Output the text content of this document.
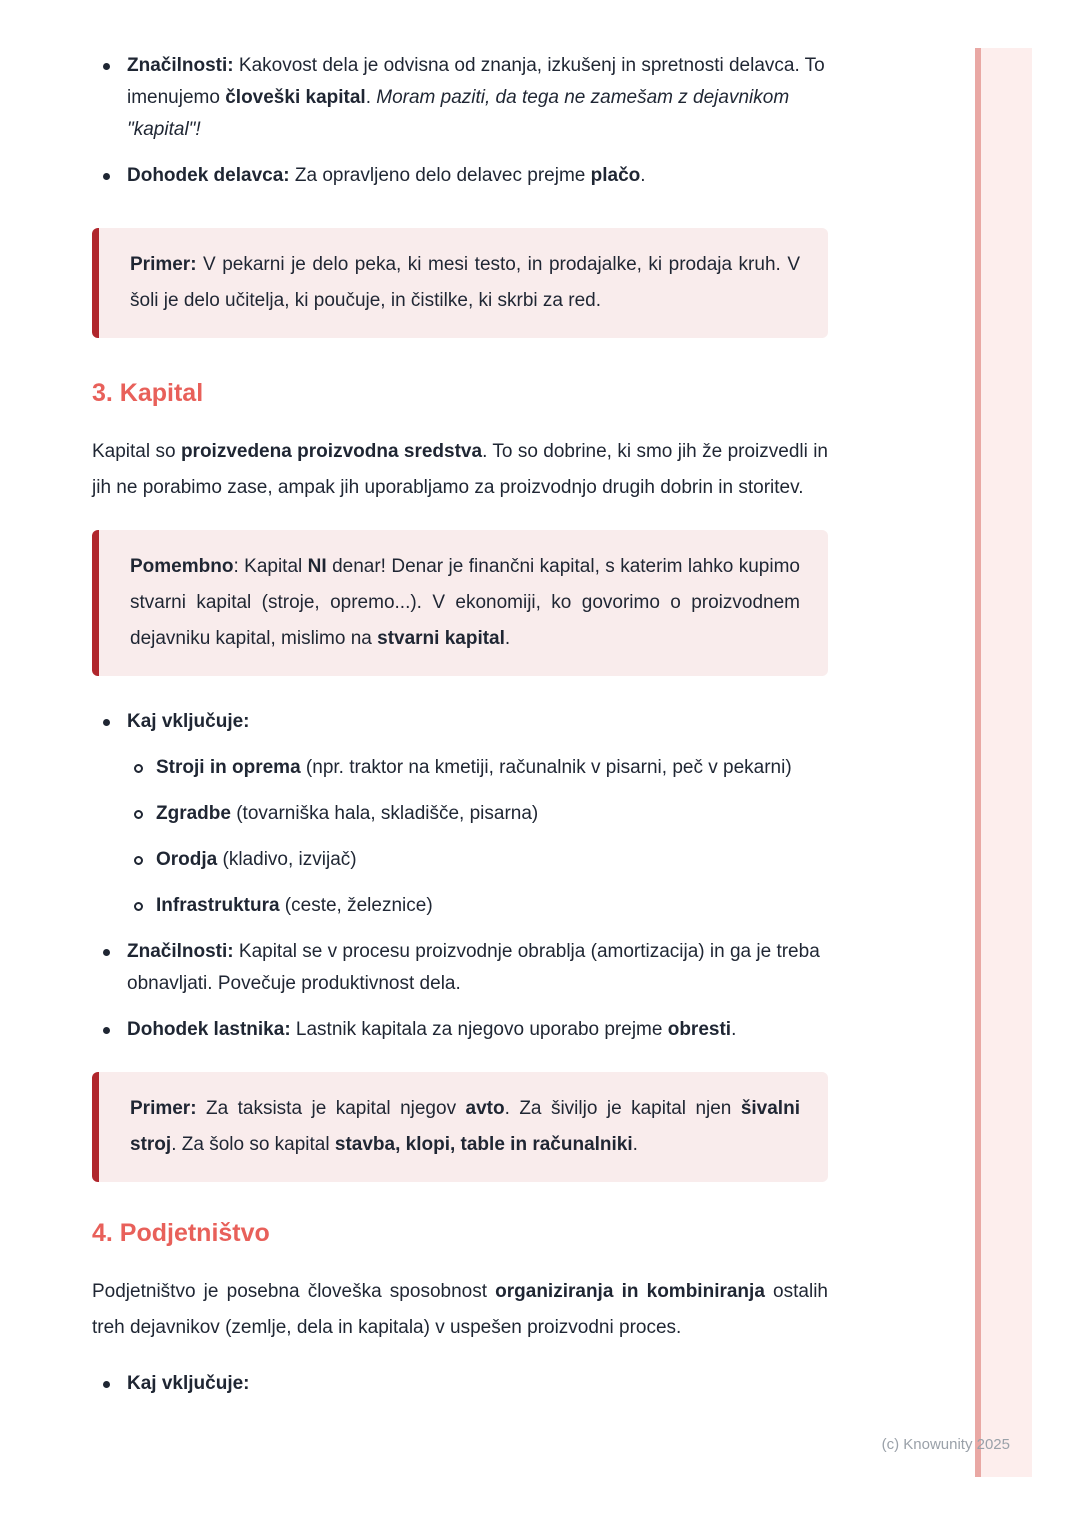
Značilnosti: Kakovost dela je odvisna od znanja, izkušenj in spretnosti delavca. To imenujemo človeški kapital. Moram paziti, da tega ne zamešam z dejavnikom "kapital"!
Dohodek delavca: Za opravljeno delo delavec prejme plačo.

Primer: V pekarni je delo peka, ki mesi testo, in prodajalke, ki prodaja kruh. V šoli je delo učitelja, ki poučuje, in čistilke, ki skrbi za red.

3. Kapital

Kapital so proizvedena proizvodna sredstva. To so dobrine, ki smo jih že proizvedli in jih ne porabimo zase, ampak jih uporabljamo za proizvodnjo drugih dobrin in storitev.

Pomembno: Kapital NI denar! Denar je finančni kapital, s katerim lahko kupimo stvarni kapital (stroje, opremo...). V ekonomiji, ko govorimo o proizvodnem dejavniku kapital, mislimo na stvarni kapital.

Kaj vključuje:
Stroji in oprema (npr. traktor na kmetiji, računalnik v pisarni, peč v pekarni)
Zgradbe (tovarniška hala, skladišče, pisarna)
Orodja (kladivo, izvijač)
Infrastruktura (ceste, železnice)
Značilnosti: Kapital se v procesu proizvodnje obrablja (amortizacija) in ga je treba obnavljati. Povečuje produktivnost dela.
Dohodek lastnika: Lastnik kapitala za njegovo uporabo prejme obresti.

Primer: Za taksista je kapital njegov avto. Za šiviljo je kapital njen šivalni stroj. Za šolo so kapital stavba, klopi, table in računalniki.

4. Podjetništvo

Podjetništvo je posebna človeška sposobnost organiziranja in kombiniranja ostalih treh dejavnikov (zemlje, dela in kapitala) v uspešen proizvodni proces.

Kaj vključuje:
(c) Knowunity 2025
